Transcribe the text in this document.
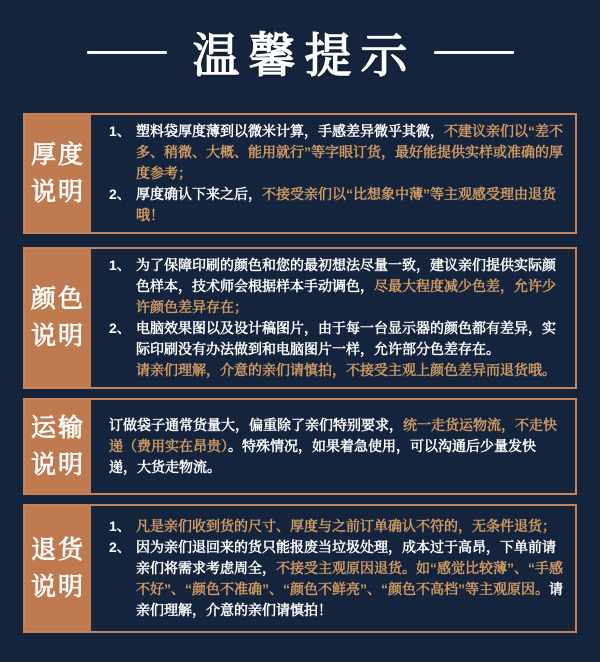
温馨提示
厚度
说明
1、 塑料袋厚度薄到以微米计算，手感差异微乎其微，不建议亲们以“差不多、稍微、大概、能用就行”等字眼订货，最好能提供实样或准确的厚度参考；
2、 厚度确认下来之后，不接受亲们以“比想象中薄”等主观感受理由退货哦！
颜色
说明
1、 为了保障印刷的颜色和您的最初想法尽量一致，建议亲们提供实际颜色样本，技术师会根据样本手动调色，尽最大程度减少色差，允许少许颜色差异存在；
2、 电脑效果图以及设计稿图片，由于每一台显示器的颜色都有差异，实际印刷没有办法做到和电脑图片一样，允许部分色差存在。
请亲们理解，介意的亲们请慎拍，不接受主观上颜色差异而退货哦。
运输
说明
订做袋子通常货量大，偏重除了亲们特别要求，统一走货运物流，不走快递（费用实在昂贵）。特殊情况，如果着急使用，可以沟通后少量发快递，大货走物流。
退货
说明
1、 凡是亲们收到货的尺寸、厚度与之前订单确认不符的，无条件退货；
2、 因为亲们退回来的货只能报废当垃圾处理，成本过于高昂，下单前请亲们将需求考虑周全，不接受主观原因退货。如“感觉比较薄”、“手感不好”、“颜色不准确”、“颜色不鲜亮”、“颜色不高档”等主观原因。请亲们理解，介意的亲们请慎拍！
